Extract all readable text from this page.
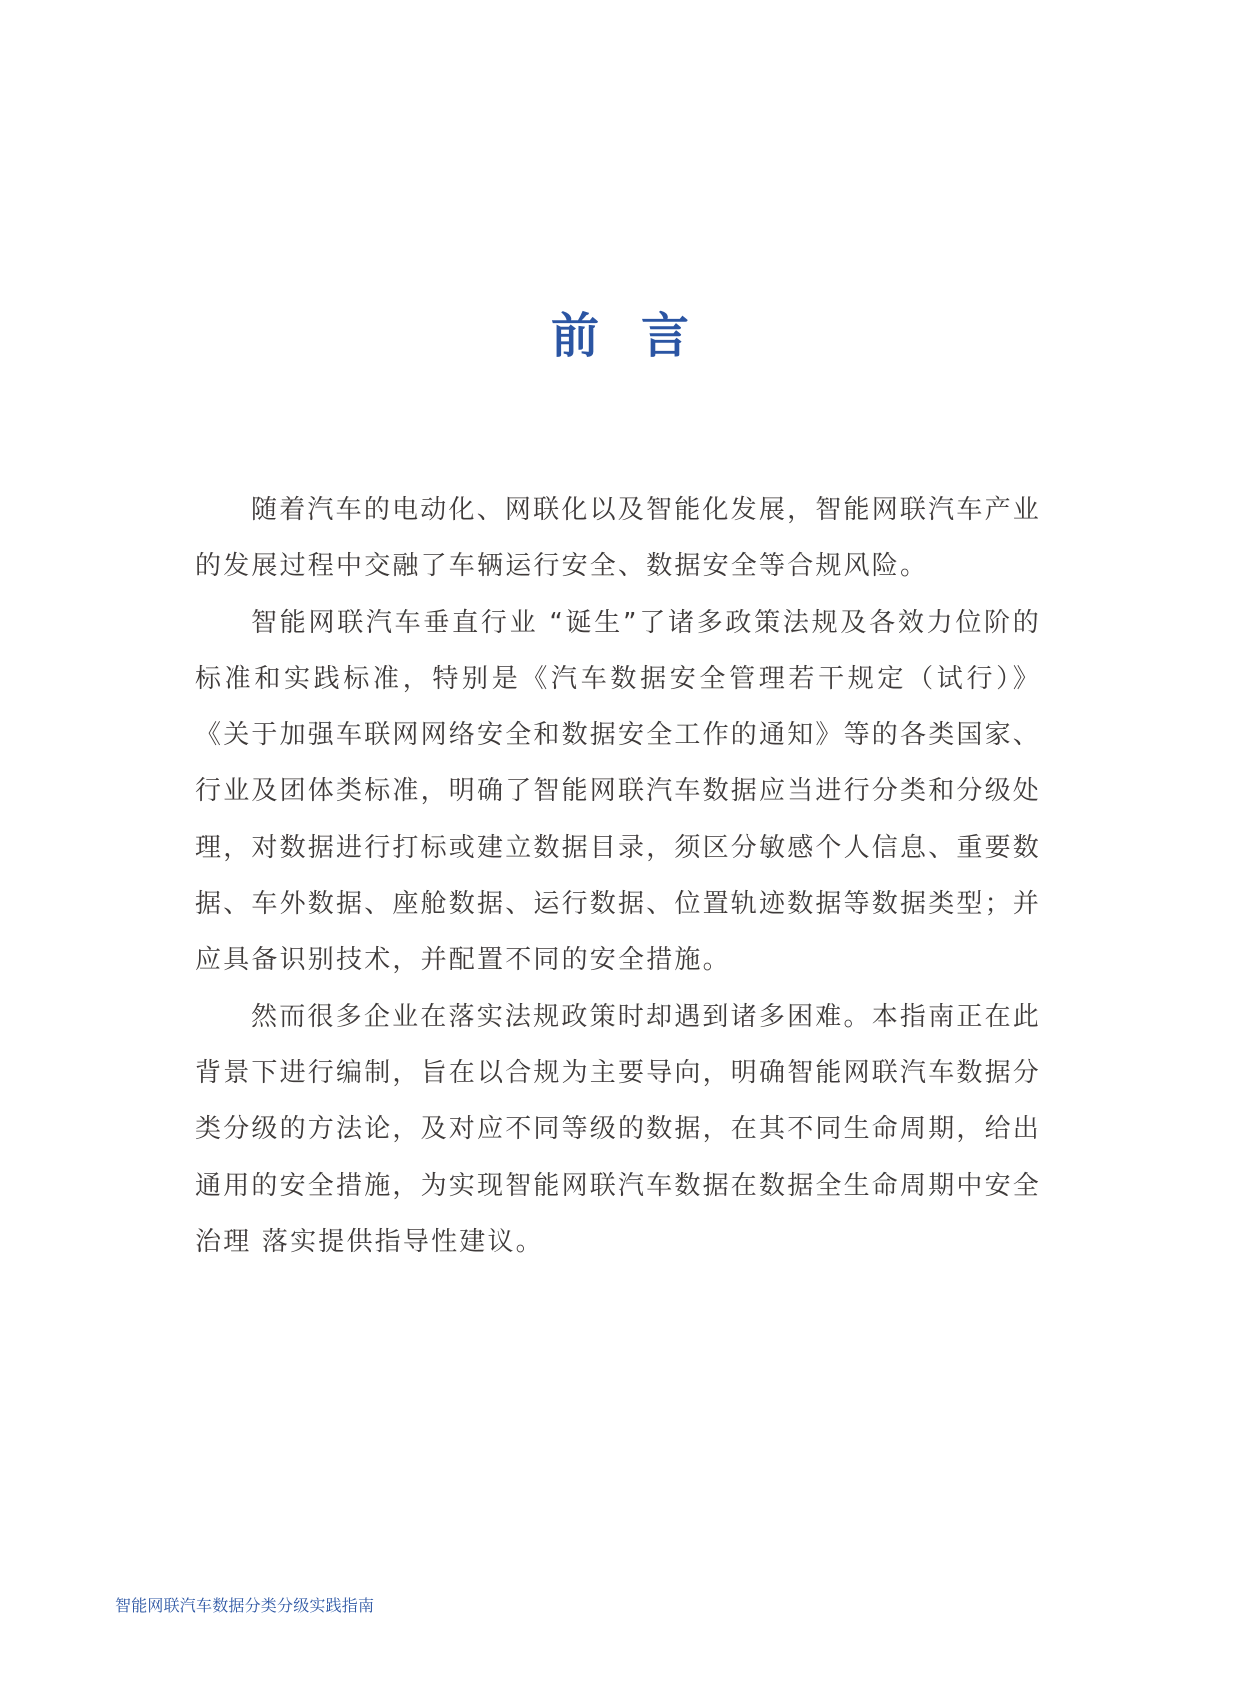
前言

随着汽车的电动化、网联化以及智能化发展，智能网联汽车产业的发展过程中交融了车辆运行安全、数据安全等合规风险。

智能网联汽车垂直行业 “诞生”了诸多政策法规及各效力位阶的标准和实践标准，特别是《汽车数据安全管理若干规定（试行）》《关于加强车联网网络安全和数据安全工作的通知》等的各类国家、行业及团体类标准，明确了智能网联汽车数据应当进行分类和分级处理，对数据进行打标或建立数据目录，须区分敏感个人信息、重要数据、车外数据、座舱数据、运行数据、位置轨迹数据等数据类型；并应具备识别技术，并配置不同的安全措施。

然而很多企业在落实法规政策时却遇到诸多困难。本指南正在此背景下进行编制，旨在以合规为主要导向，明确智能网联汽车数据分类分级的方法论，及对应不同等级的数据，在其不同生命周期，给出通用的安全措施，为实现智能网联汽车数据在数据全生命周期中安全治理 落实提供指导性建议。

智能网联汽车数据分类分级实践指南
